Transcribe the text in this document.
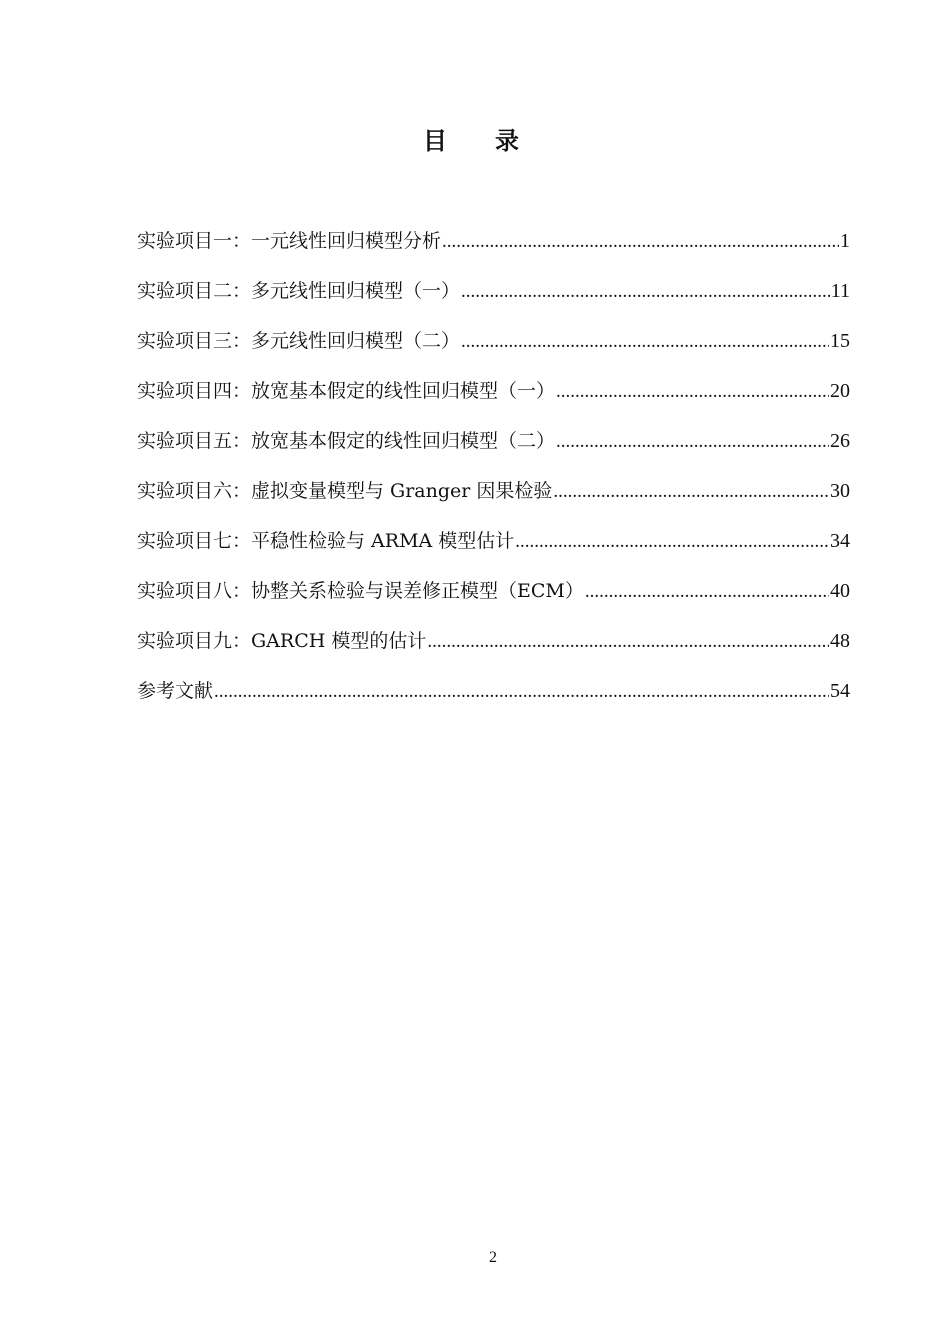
目录
实验项目一：一元线性回归模型分析 .....	1
实验项目二：多元线性回归模型（一） .....	11
实验项目三：多元线性回归模型（二） .....	15
实验项目四：放宽基本假定的线性回归模型（一） .....	20
实验项目五：放宽基本假定的线性回归模型（二） .....	26
实验项目六：虚拟变量模型与 Granger 因果检验 .....	30
实验项目七：平稳性检验与 ARMA 模型估计 .....	34
实验项目八：协整关系检验与误差修正模型（ECM） .....	40
实验项目九：GARCH 模型的估计 .....	48
参考文献 .....	54
2
